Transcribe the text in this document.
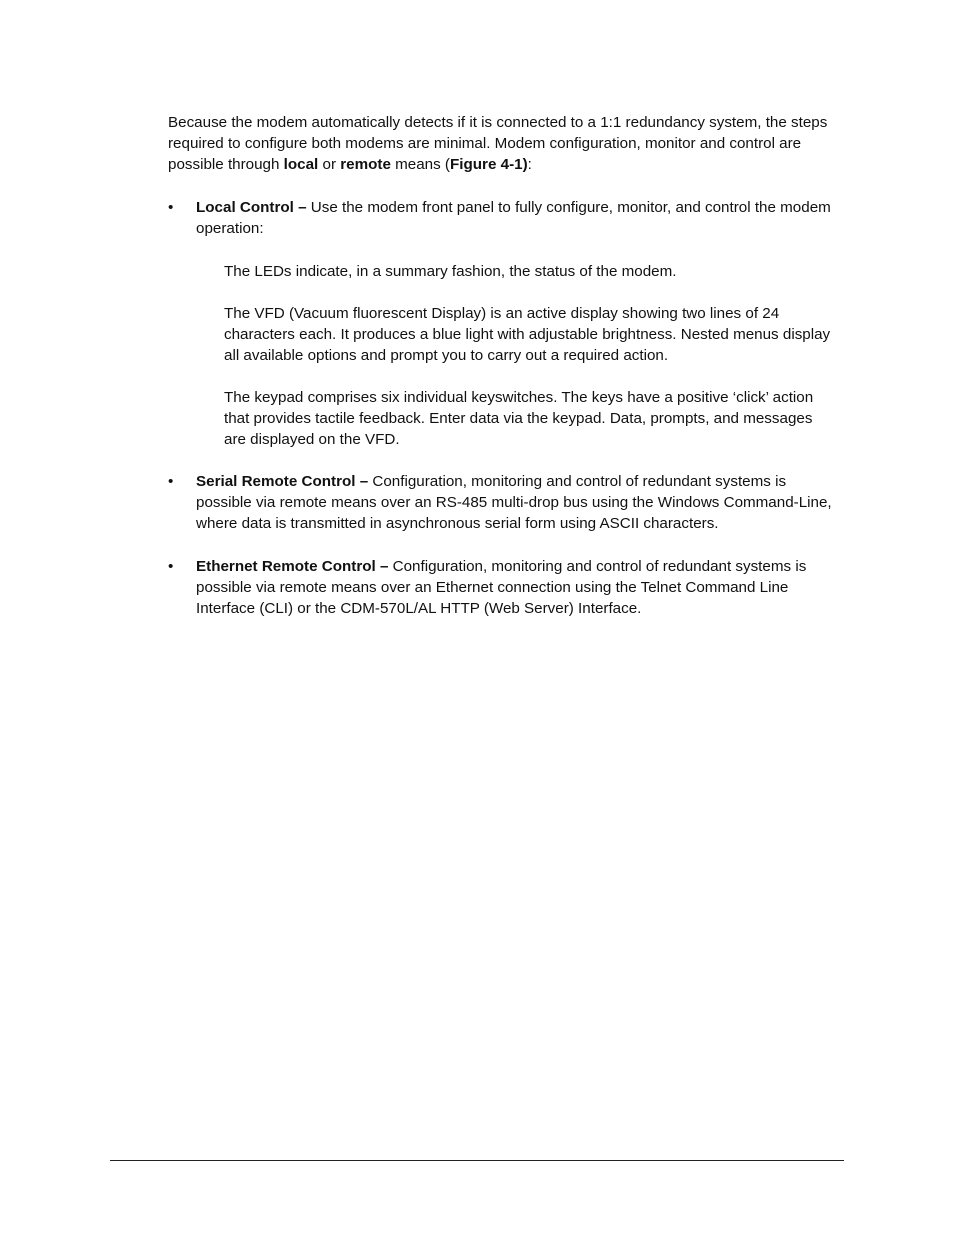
Because the modem automatically detects if it is connected to a 1:1 redundancy system, the steps required to configure both modems are minimal. Modem configuration, monitor and control are possible through local or remote means (Figure 4-1):

•	Local Control – Use the modem front panel to fully configure, monitor, and control the modem operation:

The LEDs indicate, in a summary fashion, the status of the modem.

The VFD (Vacuum fluorescent Display) is an active display showing two lines of 24 characters each. It produces a blue light with adjustable brightness. Nested menus display all available options and prompt you to carry out a required action.

The keypad comprises six individual keyswitches. The keys have a positive ‘click’ action that provides tactile feedback. Enter data via the keypad. Data, prompts, and messages are displayed on the VFD.

•	Serial Remote Control – Configuration, monitoring and control of redundant systems is possible via remote means over an RS-485 multi-drop bus using the Windows Command-Line, where data is transmitted in asynchronous serial form using ASCII characters.

•	Ethernet Remote Control – Configuration, monitoring and control of redundant systems is possible via remote means over an Ethernet connection using the Telnet Command Line Interface (CLI) or the CDM-570L/AL HTTP (Web Server) Interface.
